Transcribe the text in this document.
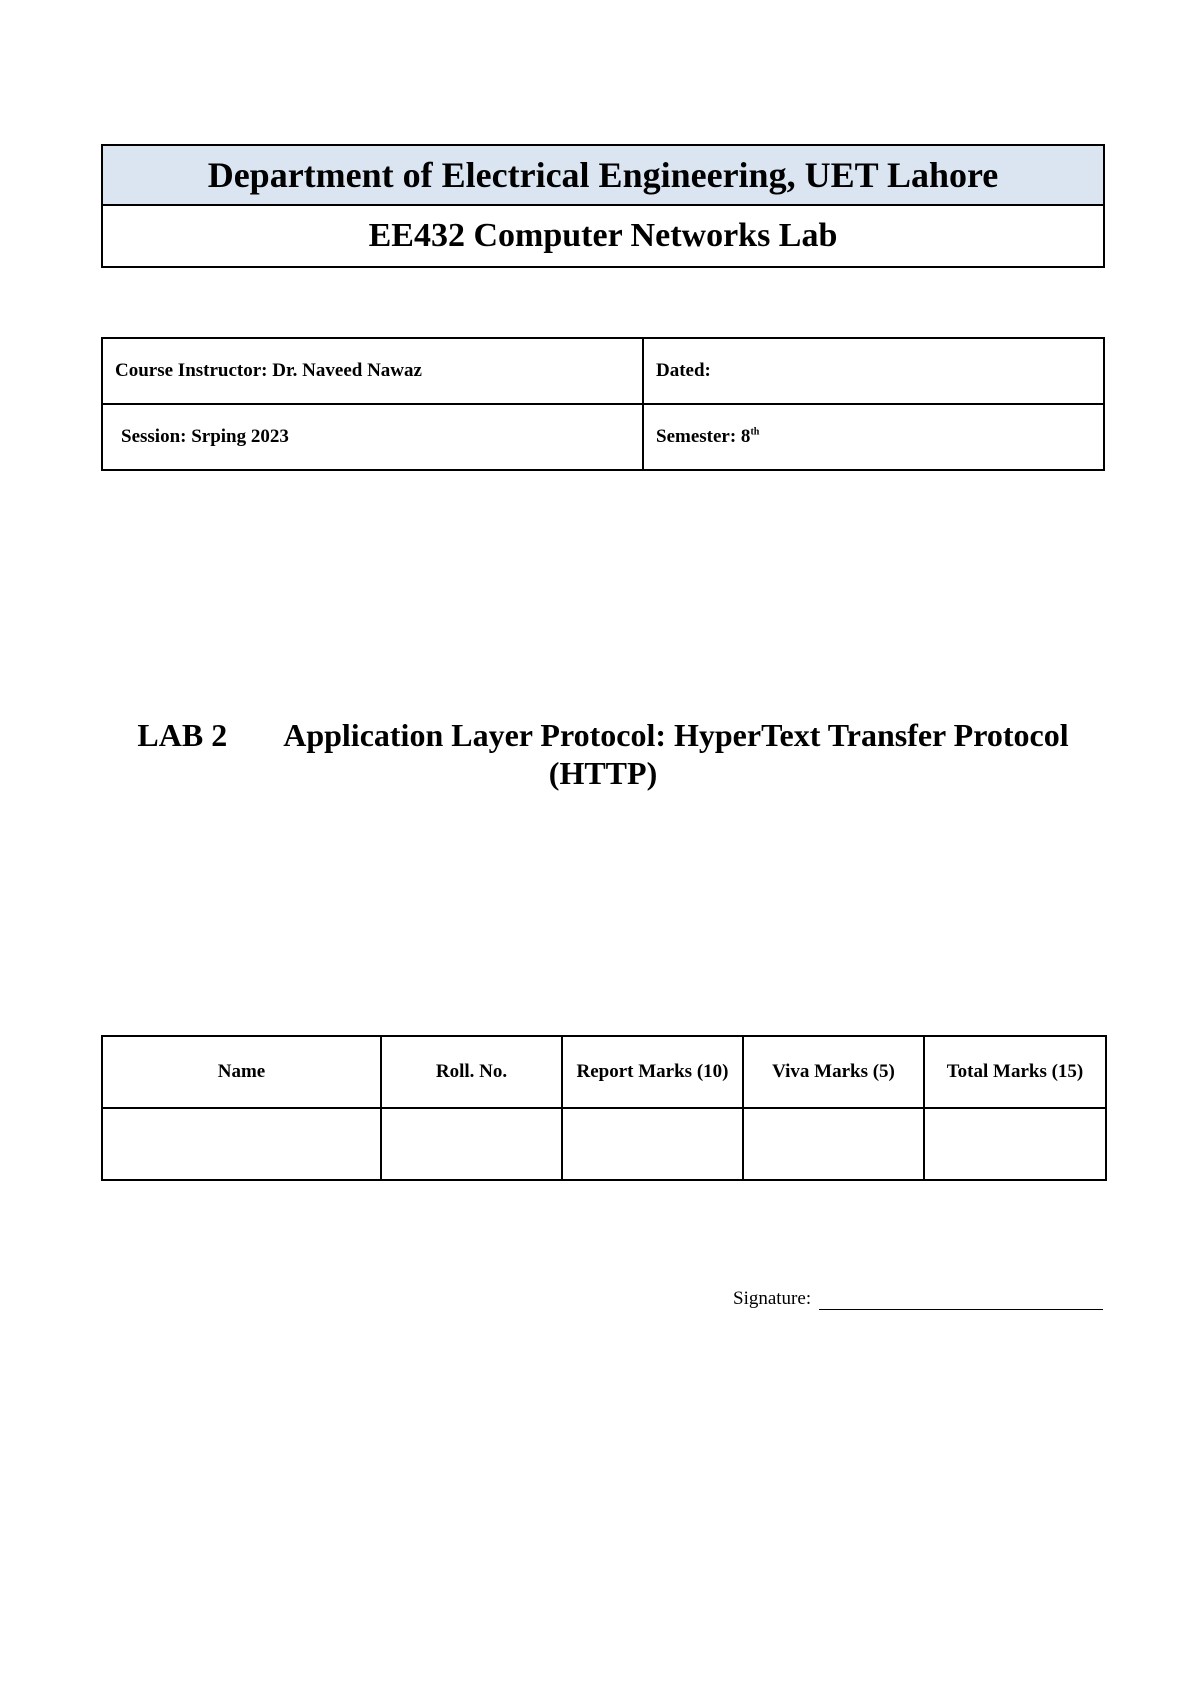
Department of Electrical Engineering, UET Lahore
EE432 Computer Networks Lab
Course Instructor: Dr. Naveed Nawaz	Dated:
Session: Srping 2023	Semester: 8th
LAB 2 Application Layer Protocol: HyperText Transfer Protocol (HTTP)
Name	Roll. No.	Report Marks (10)	Viva Marks (5)	Total Marks (15)

Signature:
